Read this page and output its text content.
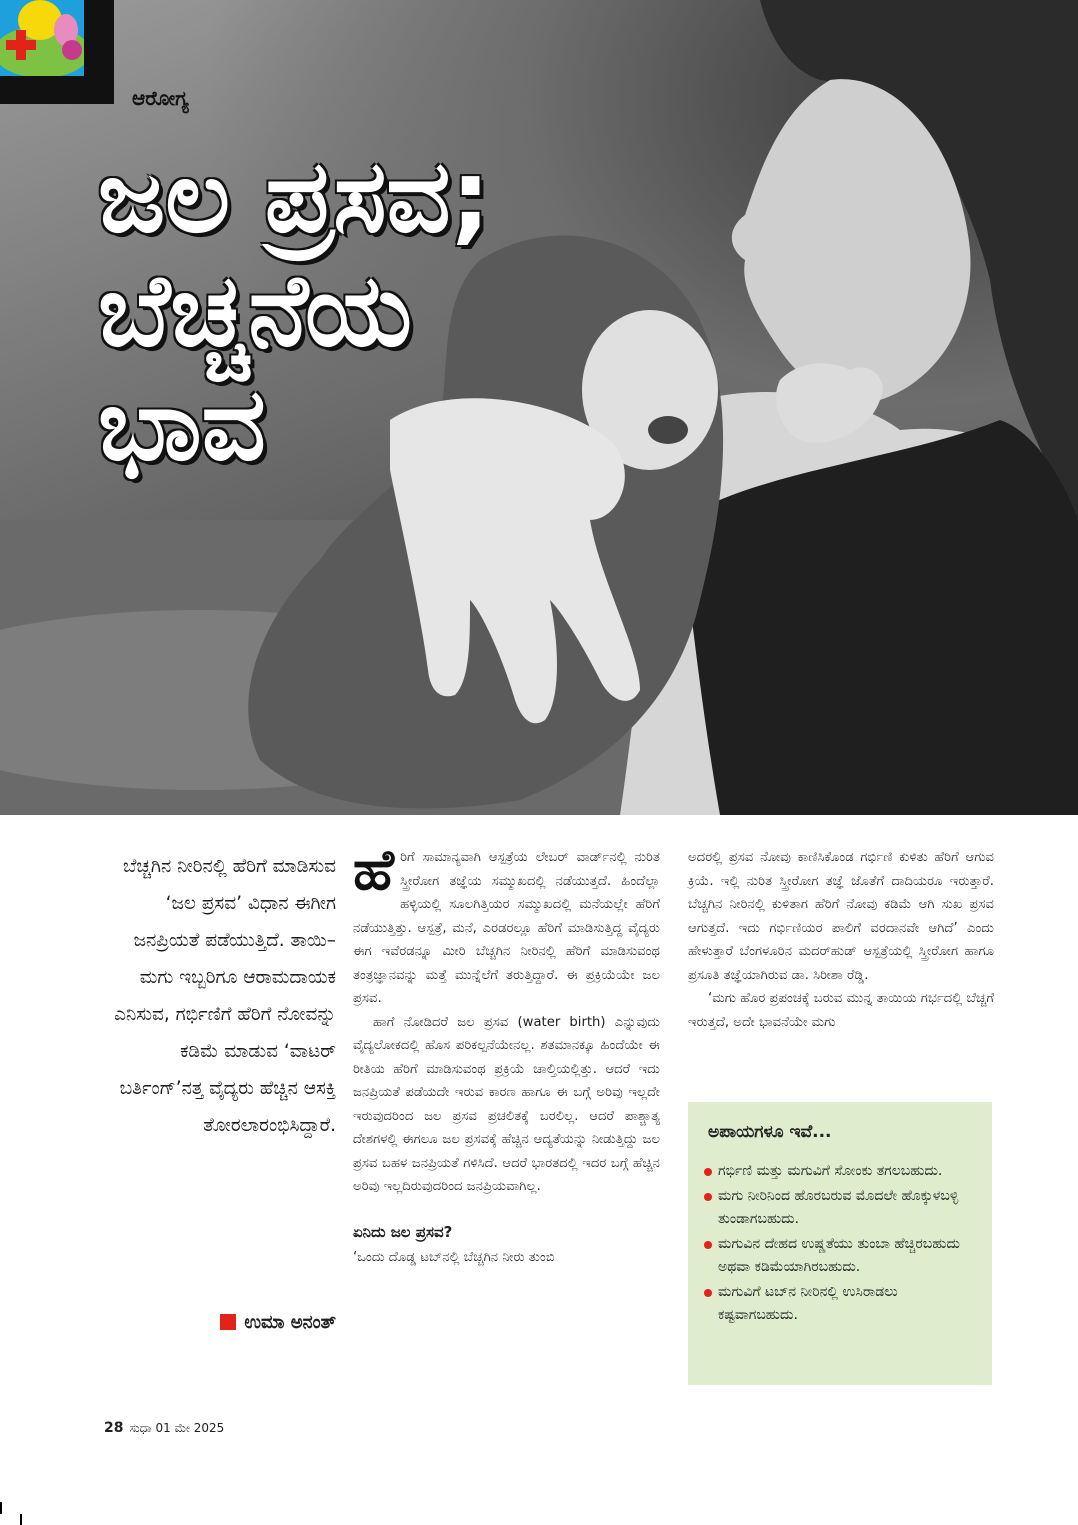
ಆರೋಗ್ಯ
ಜಲ ಪ್ರಸವ;
ಬೆಚ್ಚನೆಯ
ಭಾವ
ಬೆಚ್ಚಗಿನ ನೀರಿನಲ್ಲಿ ಹೆರಿಗೆ ಮಾಡಿಸುವ ‘ಜಲ ಪ್ರಸವ’ ವಿಧಾನ ಈಗೀಗ ಜನಪ್ರಿಯತೆ ಪಡೆಯುತ್ತಿದೆ. ತಾಯಿ– ಮಗು ಇಬ್ಬರಿಗೂ ಆರಾಮದಾಯಕ ಎನಿಸುವ, ಗರ್ಭಿಣಿಗೆ ಹೆರಿಗೆ ನೋವನ್ನು ಕಡಿಮೆ ಮಾಡುವ ‘ವಾಟರ್ ಬರ್ತಿಂಗ್’ನತ್ತ ವೈದ್ಯರು ಹೆಚ್ಚಿನ ಆಸಕ್ತಿ ತೋರಲಾರಂಭಿಸಿದ್ದಾರೆ.
ಉಮಾ ಅನಂತ್

ಹೆರಿಗೆ ಸಾಮಾನ್ಯವಾಗಿ ಆಸ್ಪತ್ರೆಯ ಲೇಬರ್ ವಾರ್ಡ್‌ನಲ್ಲಿ ನುರಿತ ಸ್ತ್ರೀರೋಗ ತಜ್ಞೆಯ ಸಮ್ಮುಖದಲ್ಲಿ ನಡೆಯುತ್ತದೆ. ಹಿಂದೆಲ್ಲಾ ಹಳ್ಳಿಯಲ್ಲಿ ಸೂಲಗಿತ್ತಿಯರ ಸಮ್ಮುಖದಲ್ಲಿ ಮನೆಯಲ್ಲೇ ಹೆರಿಗೆ ನಡೆಯುತ್ತಿತ್ತು. ಆಸ್ಪತ್ರೆ, ಮನೆ, ಎರಡರಲ್ಲೂ ಹೆರಿಗೆ ಮಾಡಿಸುತ್ತಿದ್ದ ವೈದ್ಯರು ಈಗ ಇವೆರಡನ್ನೂ ಮೀರಿ ಬೆಚ್ಚಗಿನ ನೀರಿನಲ್ಲಿ ಹೆರಿಗೆ ಮಾಡಿಸುವಂಥ ತಂತ್ರಜ್ಞಾನವನ್ನು ಮತ್ತೆ ಮುನ್ನೆಲೆಗೆ ತರುತ್ತಿದ್ದಾರೆ. ಈ ಪ್ರಕ್ರಿಯೆಯೇ ಜಲ ಪ್ರಸವ.

ಹಾಗೆ ನೋಡಿದರೆ ಜಲ ಪ್ರಸವ (water birth) ಎನ್ನುವುದು ವೈದ್ಯಲೋಕದಲ್ಲಿ ಹೊಸ ಪರಿಕಲ್ಪನೆಯೇನಲ್ಲ. ಶತಮಾನಕ್ಕೂ ಹಿಂದೆಯೇ ಈ ರೀತಿಯ ಹೆರಿಗೆ ಮಾಡಿಸುವಂಥ ಪ್ರಕ್ರಿಯೆ ಚಾಲ್ತಿಯಲ್ಲಿತ್ತು. ಆದರೆ ಇದು ಜನಪ್ರಿಯತೆ ಪಡೆಯದೇ ಇರುವ ಕಾರಣ ಹಾಗೂ ಈ ಬಗ್ಗೆ ಅರಿವು ಇಲ್ಲದೇ ಇರುವುದರಿಂದ ಜಲ ಪ್ರಸವ ಪ್ರಚಲಿತಕ್ಕೆ ಬರಲಿಲ್ಲ. ಆದರೆ ಪಾಶ್ಚಾತ್ಯ ದೇಶಗಳಲ್ಲಿ ಈಗಲೂ ಜಲ ಪ್ರಸವಕ್ಕೆ ಹೆಚ್ಚಿನ ಆದ್ಯತೆಯನ್ನು ನೀಡುತ್ತಿದ್ದು ಜಲ ಪ್ರಸವ ಬಹಳ ಜನಪ್ರಿಯತೆ ಗಳಿಸಿದೆ. ಆದರೆ ಭಾರತದಲ್ಲಿ ಇದರ ಬಗ್ಗೆ ಹೆಚ್ಚಿನ ಅರಿವು ಇಲ್ಲದಿರುವುದರಿಂದ ಜನಪ್ರಿಯವಾಗಿಲ್ಲ.

ಏನಿದು ಜಲ ಪ್ರಸವ?

‘ಒಂದು ದೊಡ್ಡ ಟಬ್‌ನಲ್ಲಿ ಬೆಚ್ಚಗಿನ ನೀರು ತುಂಬಿ

ಅದರಲ್ಲಿ ಪ್ರಸವ ನೋವು ಕಾಣಿಸಿಕೊಂಡ ಗರ್ಭಿಣಿ ಕುಳಿತು ಹೆರಿಗೆ ಆಗುವ ಕ್ರಿಯೆ. ಇಲ್ಲಿ ನುರಿತ ಸ್ತ್ರೀರೋಗ ತಜ್ಞೆ ಜೊತೆಗೆ ದಾದಿಯರೂ ಇರುತ್ತಾರೆ. ಬೆಚ್ಚಗಿನ ನೀರಿನಲ್ಲಿ ಕುಳಿತಾಗ ಹೆರಿಗೆ ನೋವು ಕಡಿಮೆ ಆಗಿ ಸುಖ ಪ್ರಸವ ಆಗುತ್ತದೆ. ಇದು ಗರ್ಭಿಣಿಯರ ಪಾಲಿಗೆ ವರದಾನವೇ ಆಗಿದೆ’ ಎಂದು ಹೇಳುತ್ತಾರೆ ಬೆಂಗಳೂರಿನ ಮದರ್‌ಹುಡ್ ಆಸ್ಪತ್ರೆಯಲ್ಲಿ ಸ್ತ್ರೀರೋಗ ಹಾಗೂ ಪ್ರಸೂತಿ ತಜ್ಞೆಯಾಗಿರುವ ಡಾ. ಸಿರೀಶಾ ರೆಡ್ಡಿ.

‘ಮಗು ಹೊರ ಪ್ರಪಂಚಕ್ಕೆ ಬರುವ ಮುನ್ನ ತಾಯಿಯ ಗರ್ಭದಲ್ಲಿ ಬೆಚ್ಚಗೆ ಇರುತ್ತದೆ, ಅದೇ ಭಾವನೆಯೇ ಮಗು

ಅಪಾಯಗಳೂ ಇವೆ...
ಗರ್ಭಿಣಿ ಮತ್ತು ಮಗುವಿಗೆ ಸೋಂಕು ತಗಲಬಹುದು.
ಮಗು ನೀರಿನಿಂದ ಹೊರಬರುವ ಮೊದಲೇ ಹೊಕ್ಕುಳಬಳ್ಳಿ ತುಂಡಾಗಬಹುದು.
ಮಗುವಿನ ದೇಹದ ಉಷ್ಣತೆಯು ತುಂಬಾ ಹೆಚ್ಚಿರಬಹುದು ಅಥವಾ ಕಡಿಮೆಯಾಗಿರಬಹುದು.
ಮಗುವಿಗೆ ಟಬ್‌ನ ನೀರಿನಲ್ಲಿ ಉಸಿರಾಡಲು ಕಷ್ಟವಾಗಬಹುದು.
28 ಸುಧಾ 01 ಮೇ 2025
